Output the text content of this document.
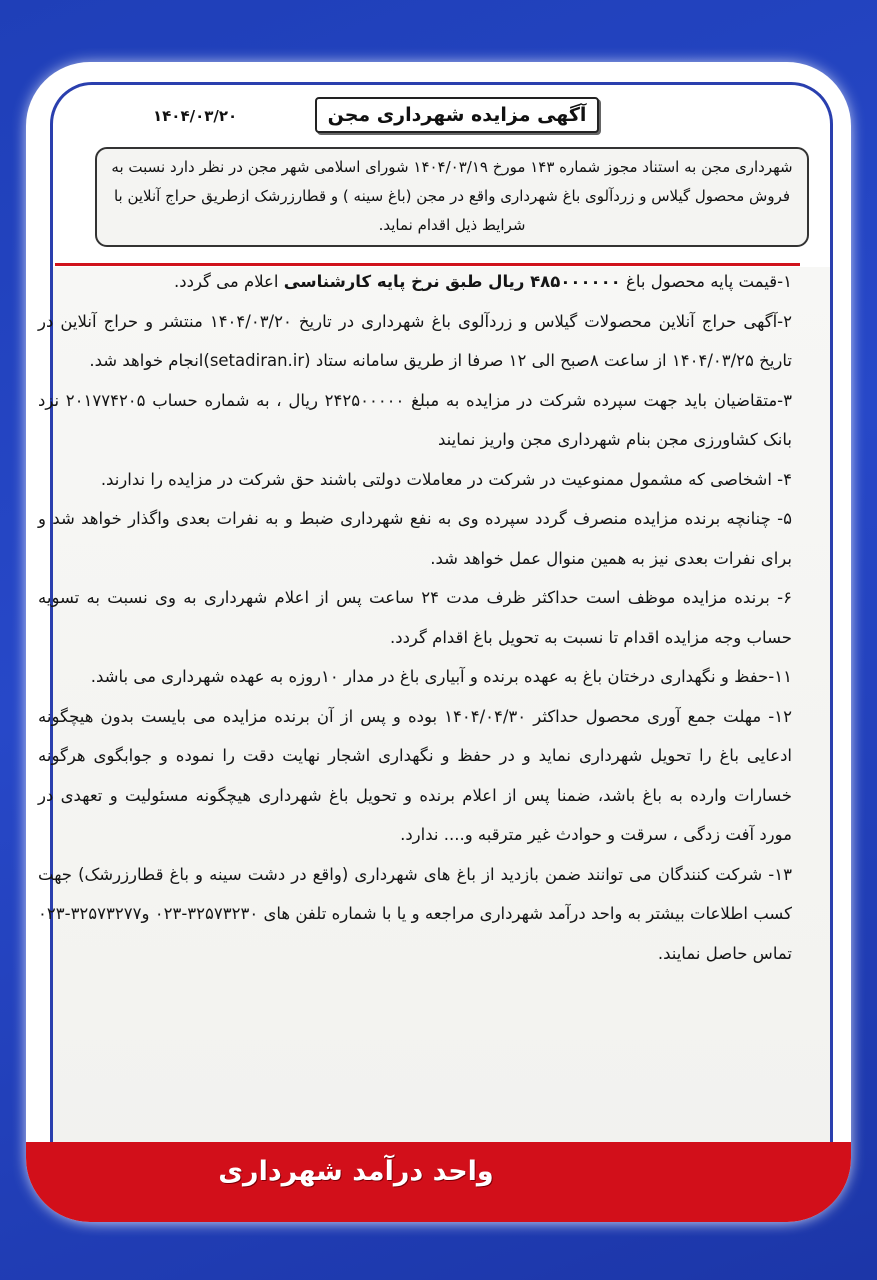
۱۴۰۴/۰۳/۲۰	آگهی مزایده شهرداری مجن
شهرداری مجن به استناد مجوز شماره ۱۴۳ مورخ ۱۴۰۴/۰۳/۱۹ شورای اسلامی شهر مجن در نظر دارد نسبت به فروش محصول گیلاس و زردآلوی باغ شهرداری واقع در مجن (باغ سینه ) و قطارزرشک ازطریق حراج آنلاین با شرایط ذیل اقدام نماید.

۱-قیمت پایه محصول باغ ۴۸۵۰۰۰۰۰۰ ریال طبق نرخ پایه کارشناسی اعلام می گردد.

۲-آگهی حراج آنلاین محصولات گیلاس و زردآلوی باغ شهرداری در تاریخ ۱۴۰۴/۰۳/۲۰ منتشر و حراج آنلاین در تاریخ ۱۴۰۴/۰۳/۲۵ از ساعت ۸صبح الی ۱۲ صرفا از طریق سامانه ستاد (setadiran.ir)انجام خواهد شد.

۳-متقاضیان باید جهت سپرده شرکت در مزایده به مبلغ ۲۴۲۵۰۰۰۰۰ ریال ، به شماره حساب ۲۰۱۷۷۴۲۰۵ نزد بانک کشاورزی مجن بنام شهرداری مجن واریز نمایند

۴- اشخاصی که مشمول ممنوعیت در شرکت در معاملات دولتی باشند حق شرکت در مزایده را ندارند.

۵- چنانچه برنده مزایده منصرف گردد سپرده وی به نفع شهرداری ضبط و به نفرات بعدی واگذار خواهد شد و برای نفرات بعدی نیز به همین منوال عمل خواهد شد.

۶- برنده مزایده موظف است حداکثر ظرف مدت ۲۴ ساعت پس از اعلام شهرداری به وی نسبت به تسویه حساب وجه مزایده اقدام تا نسبت به تحویل باغ اقدام گردد.

۱۱-حفظ و نگهداری درختان باغ به عهده برنده و آبیاری باغ در مدار ۱۰روزه به عهده شهرداری می باشد.

۱۲- مهلت جمع آوری محصول حداکثر ۱۴۰۴/۰۴/۳۰ بوده و پس از آن برنده مزایده می بایست بدون هیچگونه ادعایی باغ را تحویل شهرداری نماید و در حفظ و نگهداری اشجار نهایت دقت را نموده و جوابگوی هرگونه خسارات وارده به باغ باشد، ضمنا پس از اعلام برنده و تحویل باغ شهرداری هیچگونه مسئولیت و تعهدی در مورد آفت زدگی ، سرقت و حوادث غیر مترقبه و.... ندارد.

۱۳- شرکت کنندگان می توانند ضمن بازدید از باغ های شهرداری (واقع در دشت سینه و باغ قطارزرشک) جهت کسب اطلاعات بیشتر به واحد درآمد شهرداری مراجعه و یا با شماره تلفن های ۳۲۵۷۳۲۳۰-۰۲۳ و۳۲۵۷۳۲۷۷-۰۲۳ تماس حاصل نمایند.

واحد درآمد شهرداری
